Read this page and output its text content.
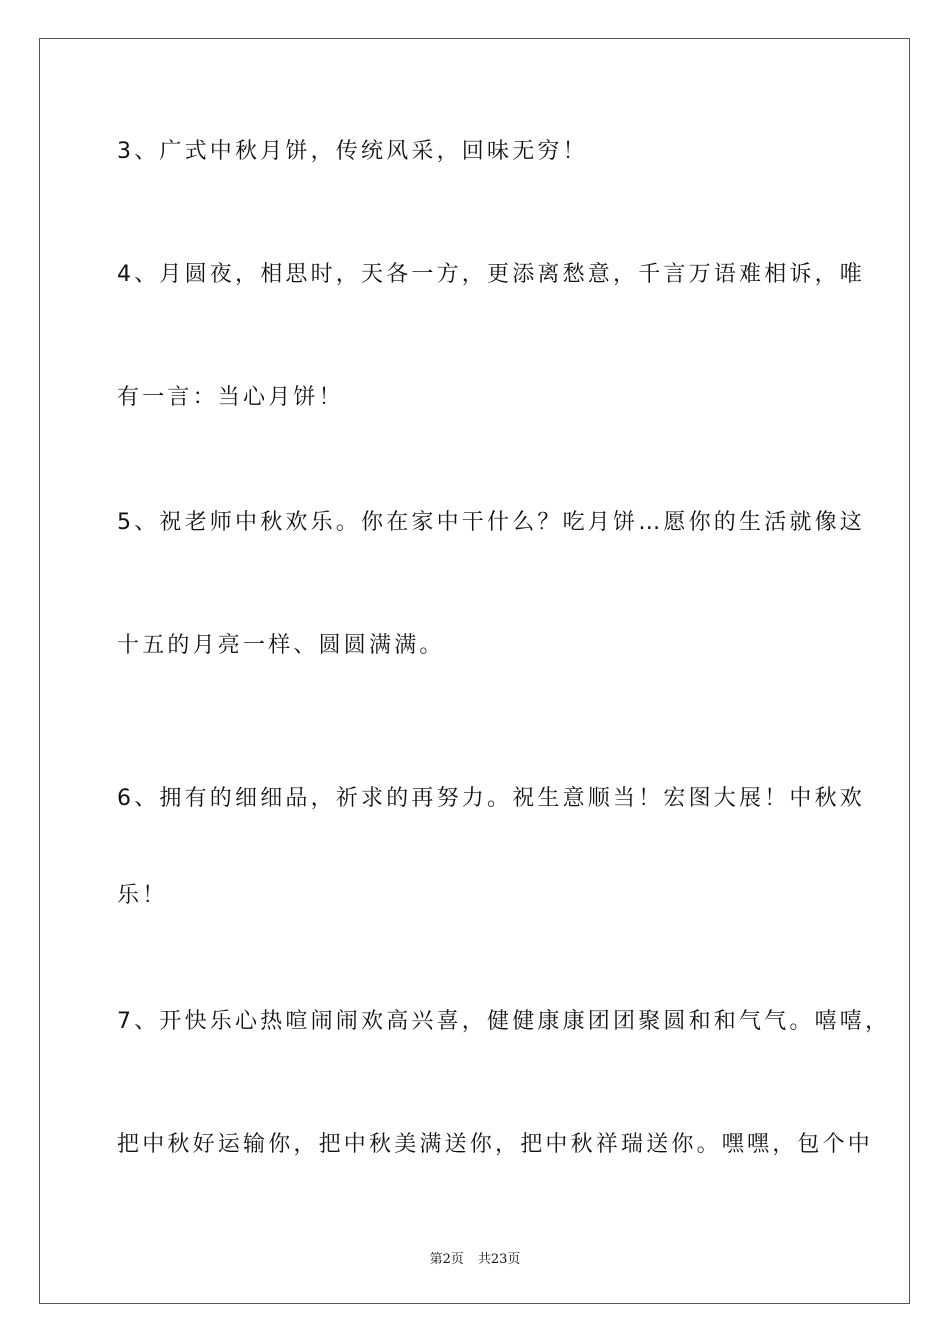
3、广式中秋月饼，传统风采，回味无穷！
4、月圆夜，相思时，天各一方，更添离愁意，千言万语难相诉，唯
有一言：当心月饼！
5、祝老师中秋欢乐。你在家中干什么？吃月饼…愿你的生活就像这
十五的月亮一样、圆圆满满。
6、拥有的细细品，祈求的再努力。祝生意顺当！宏图大展！中秋欢
乐！
7、开快乐心热喧闹闹欢高兴喜，健健康康团团聚圆和和气气。嘻嘻，
把中秋好运输你，把中秋美满送你，把中秋祥瑞送你。嘿嘿，包个中
第2页 共23页
